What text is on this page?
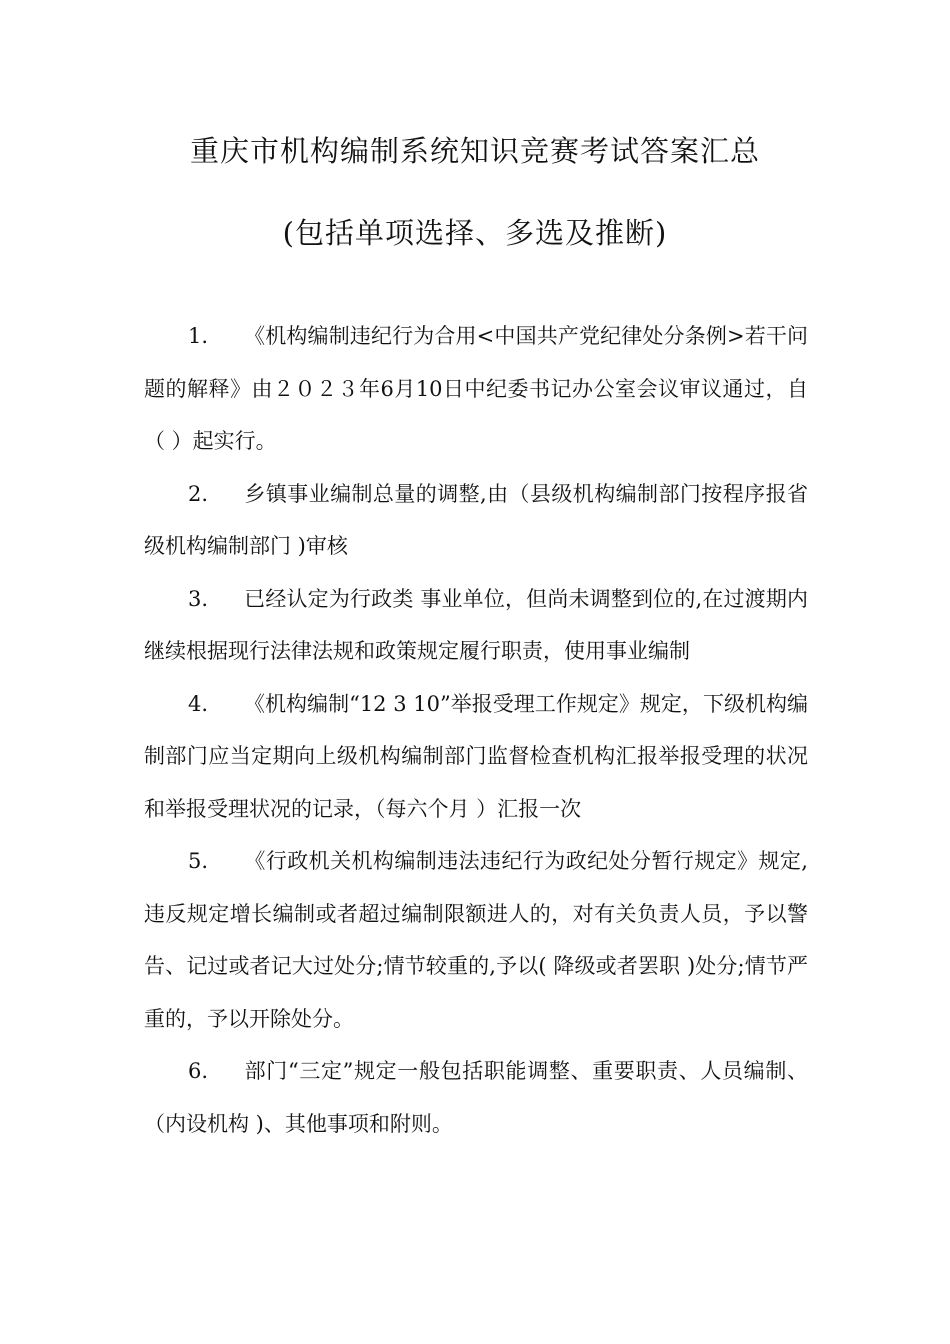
重庆市机构编制系统知识竞赛考试答案汇总
(包括单项选择、多选及推断)

1. 《机构编制违纪行为合用<中国共产党纪律处分条例>若干问题的解释》由２０２３年6月10日中纪委书记办公室会议审议通过，自（ ）起实行。

2. 乡镇事业编制总量的调整,由（县级机构编制部门按程序报省级机构编制部门 )审核

3. 已经认定为行政类 事业单位，但尚未调整到位的,在过渡期内继续根据现行法律法规和政策规定履行职责，使用事业编制

4. 《机构编制“12 3 10”举报受理工作规定》规定，下级机构编制部门应当定期向上级机构编制部门监督检查机构汇报举报受理的状况和举报受理状况的记录，（每六个月 ）汇报一次

5. 《行政机关机构编制违法违纪行为政纪处分暂行规定》规定,违反规定增长编制或者超过编制限额进人的，对有关负责人员，予以警告、记过或者记大过处分;情节较重的,予以( 降级或者罢职 )处分;情节严重的，予以开除处分。

6. 部门“三定”规定一般包括职能调整、重要职责、人员编制、（内设机构 )、其他事项和附则。
